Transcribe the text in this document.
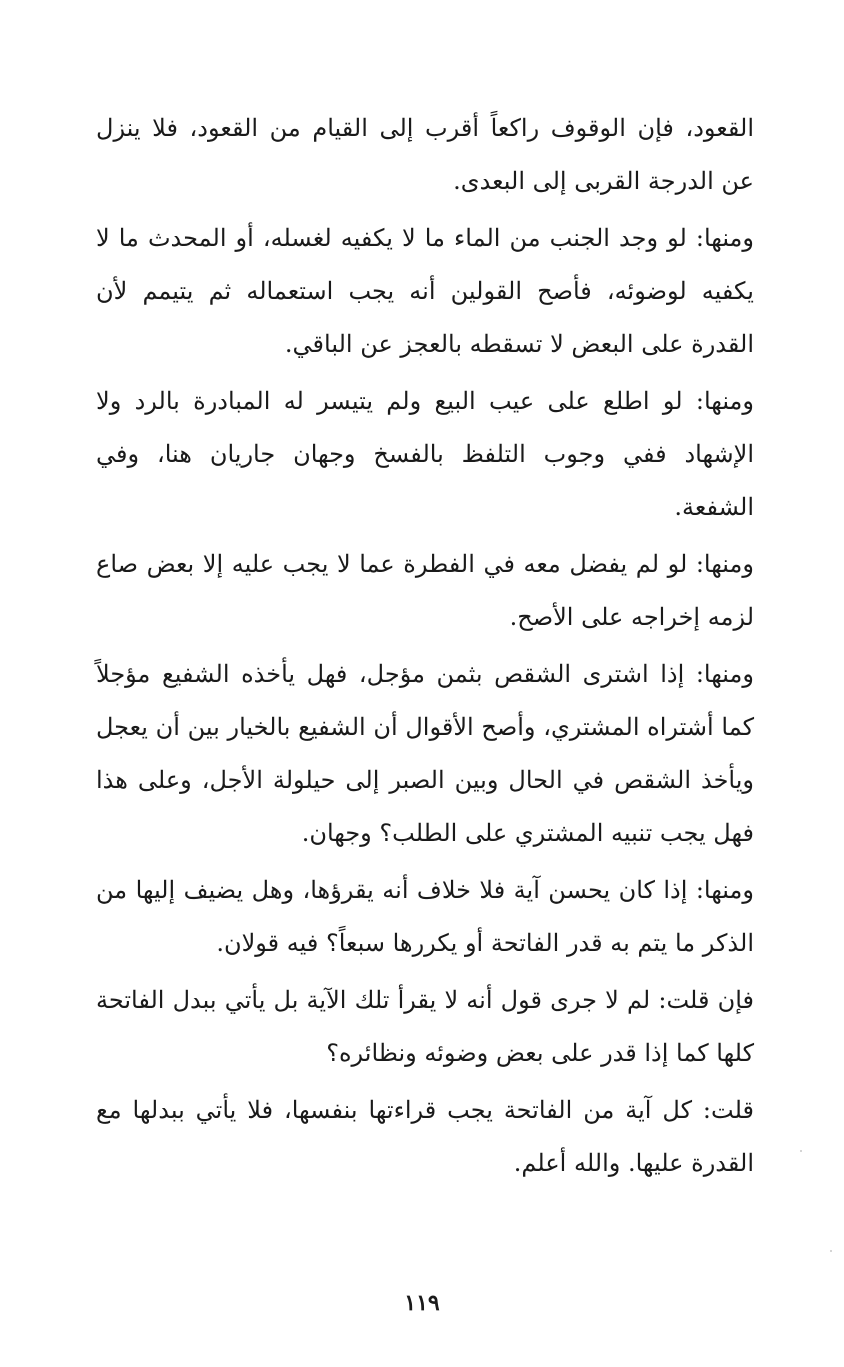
القعود، فإن الوقوف راكعاً أقرب إلى القيام من القعود، فلا ينزل عن الدرجة القربى إلى البعدى.

ومنها: لو وجد الجنب من الماء ما لا يكفيه لغسله، أو المحدث ما لا يكفيه لوضوئه، فأصح القولين أنه يجب استعماله ثم يتيمم لأن القدرة على البعض لا تسقطه بالعجز عن الباقي.

ومنها: لو اطلع على عيب البيع ولم يتيسر له المبادرة بالرد ولا الإشهاد ففي وجوب التلفظ بالفسخ وجهان جاريان هنا، وفي الشفعة.

ومنها: لو لم يفضل معه في الفطرة عما لا يجب عليه إلا بعض صاع لزمه إخراجه على الأصح.

ومنها: إذا اشترى الشقص بثمن مؤجل، فهل يأخذه الشفيع مؤجلاً كما أشتراه المشتري، وأصح الأقوال أن الشفيع بالخيار بين أن يعجل ويأخذ الشقص في الحال وبين الصبر إلى حيلولة الأجل، وعلى هذا فهل يجب تنبيه المشتري على الطلب؟ وجهان.

ومنها: إذا كان يحسن آية فلا خلاف أنه يقرؤها، وهل يضيف إليها من الذكر ما يتم به قدر الفاتحة أو يكررها سبعاً؟ فيه قولان.

فإن قلت: لم لا جرى قول أنه لا يقرأ تلك الآية بل يأتي ببدل الفاتحة كلها كما إذا قدر على بعض وضوئه ونظائره؟

قلت: كل آية من الفاتحة يجب قراءتها بنفسها، فلا يأتي ببدلها مع القدرة عليها. والله أعلم.

١١٩
